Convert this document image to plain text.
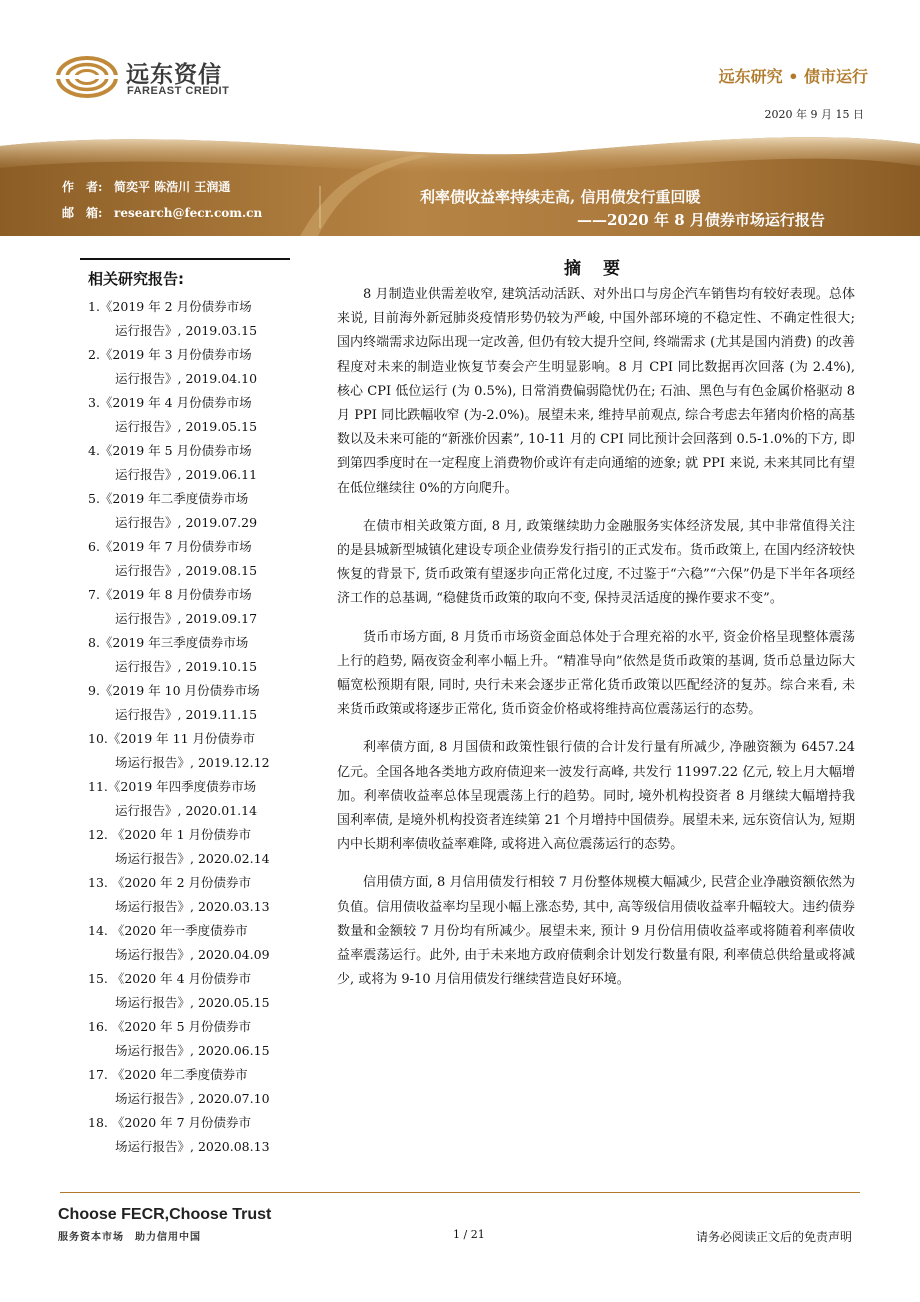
远东资信
FAREAST CREDIT
远东研究 • 债市运行
2020 年 9 月 15 日
作　者: 简奕平 陈浩川 王润通
邮　箱: research@fecr.com.cn
利率债收益率持续走高, 信用债发行重回暖
——2020 年 8 月债券市场运行报告
相关研究报告:
1.《2019 年 2 月份债券市场
运行报告》, 2019.03.15
2.《2019 年 3 月份债券市场
运行报告》, 2019.04.10
3.《2019 年 4 月份债券市场
运行报告》, 2019.05.15
4.《2019 年 5 月份债券市场
运行报告》, 2019.06.11
5.《2019 年二季度债券市场
运行报告》, 2019.07.29
6.《2019 年 7 月份债券市场
运行报告》, 2019.08.15
7.《2019 年 8 月份债券市场
运行报告》, 2019.09.17
8.《2019 年三季度债券市场
运行报告》, 2019.10.15
9.《2019 年 10 月份债券市场
运行报告》, 2019.11.15
10.《2019 年 11 月份债券市
场运行报告》, 2019.12.12
11.《2019 年四季度债券市场
运行报告》, 2020.01.14
12. 《2020 年 1 月份债券市
场运行报告》, 2020.02.14
13. 《2020 年 2 月份债券市
场运行报告》, 2020.03.13
14. 《2020 年一季度债券市
场运行报告》, 2020.04.09
15. 《2020 年 4 月份债券市
场运行报告》, 2020.05.15
16. 《2020 年 5 月份债券市
场运行报告》, 2020.06.15
17. 《2020 年二季度债券市
场运行报告》, 2020.07.10
18. 《2020 年 7 月份债券市
场运行报告》, 2020.08.13
摘 要

8 月制造业供需差收窄, 建筑活动活跃、对外出口与房企汽车销售均有较好表现。总体来说, 目前海外新冠肺炎疫情形势仍较为严峻, 中国外部环境的不稳定性、不确定性很大; 国内终端需求边际出现一定改善, 但仍有较大提升空间, 终端需求 (尤其是国内消费) 的改善程度对未来的制造业恢复节奏会产生明显影响。8 月 CPI 同比数据再次回落 (为 2.4%), 核心 CPI 低位运行 (为 0.5%), 日常消费偏弱隐忧仍在; 石油、黑色与有色金属价格驱动 8 月 PPI 同比跌幅收窄 (为-2.0%)。展望未来, 维持早前观点, 综合考虑去年猪肉价格的高基数以及未来可能的“新涨价因素”, 10-11 月的 CPI 同比预计会回落到 0.5-1.0%的下方, 即到第四季度时在一定程度上消费物价或许有走向通缩的迹象; 就 PPI 来说, 未来其同比有望在低位继续往 0%的方向爬升。

在债市相关政策方面, 8 月, 政策继续助力金融服务实体经济发展, 其中非常值得关注的是县城新型城镇化建设专项企业债券发行指引的正式发布。货币政策上, 在国内经济较快恢复的背景下, 货币政策有望逐步向正常化过度, 不过鉴于“六稳”“六保”仍是下半年各项经济工作的总基调, “稳健货币政策的取向不变, 保持灵活适度的操作要求不变”。

货币市场方面, 8 月货币市场资金面总体处于合理充裕的水平, 资金价格呈现整体震荡上行的趋势, 隔夜资金利率小幅上升。“精准导向”依然是货币政策的基调, 货币总量边际大幅宽松预期有限, 同时, 央行未来会逐步正常化货币政策以匹配经济的复苏。综合来看, 未来货币政策或将逐步正常化, 货币资金价格或将维持高位震荡运行的态势。

利率债方面, 8 月国债和政策性银行债的合计发行量有所减少, 净融资额为 6457.24 亿元。全国各地各类地方政府债迎来一波发行高峰, 共发行 11997.22 亿元, 较上月大幅增加。利率债收益率总体呈现震荡上行的趋势。同时, 境外机构投资者 8 月继续大幅增持我国利率债, 是境外机构投资者连续第 21 个月增持中国债券。展望未来, 远东资信认为, 短期内中长期利率债收益率难降, 或将进入高位震荡运行的态势。

信用债方面, 8 月信用债发行相较 7 月份整体规模大幅减少, 民营企业净融资额依然为负值。信用债收益率均呈现小幅上涨态势, 其中, 高等级信用债收益率升幅较大。违约债券数量和金额较 7 月份均有所减少。展望未来, 预计 9 月份信用债收益率或将随着利率债收益率震荡运行。此外, 由于未来地方政府债剩余计划发行数量有限, 利率债总供给量或将减少, 或将为 9-10 月信用债发行继续营造良好环境。

Choose FECR,Choose Trust
服务资本市场　助力信用中国	1 / 21	请务必阅读正文后的免责声明
